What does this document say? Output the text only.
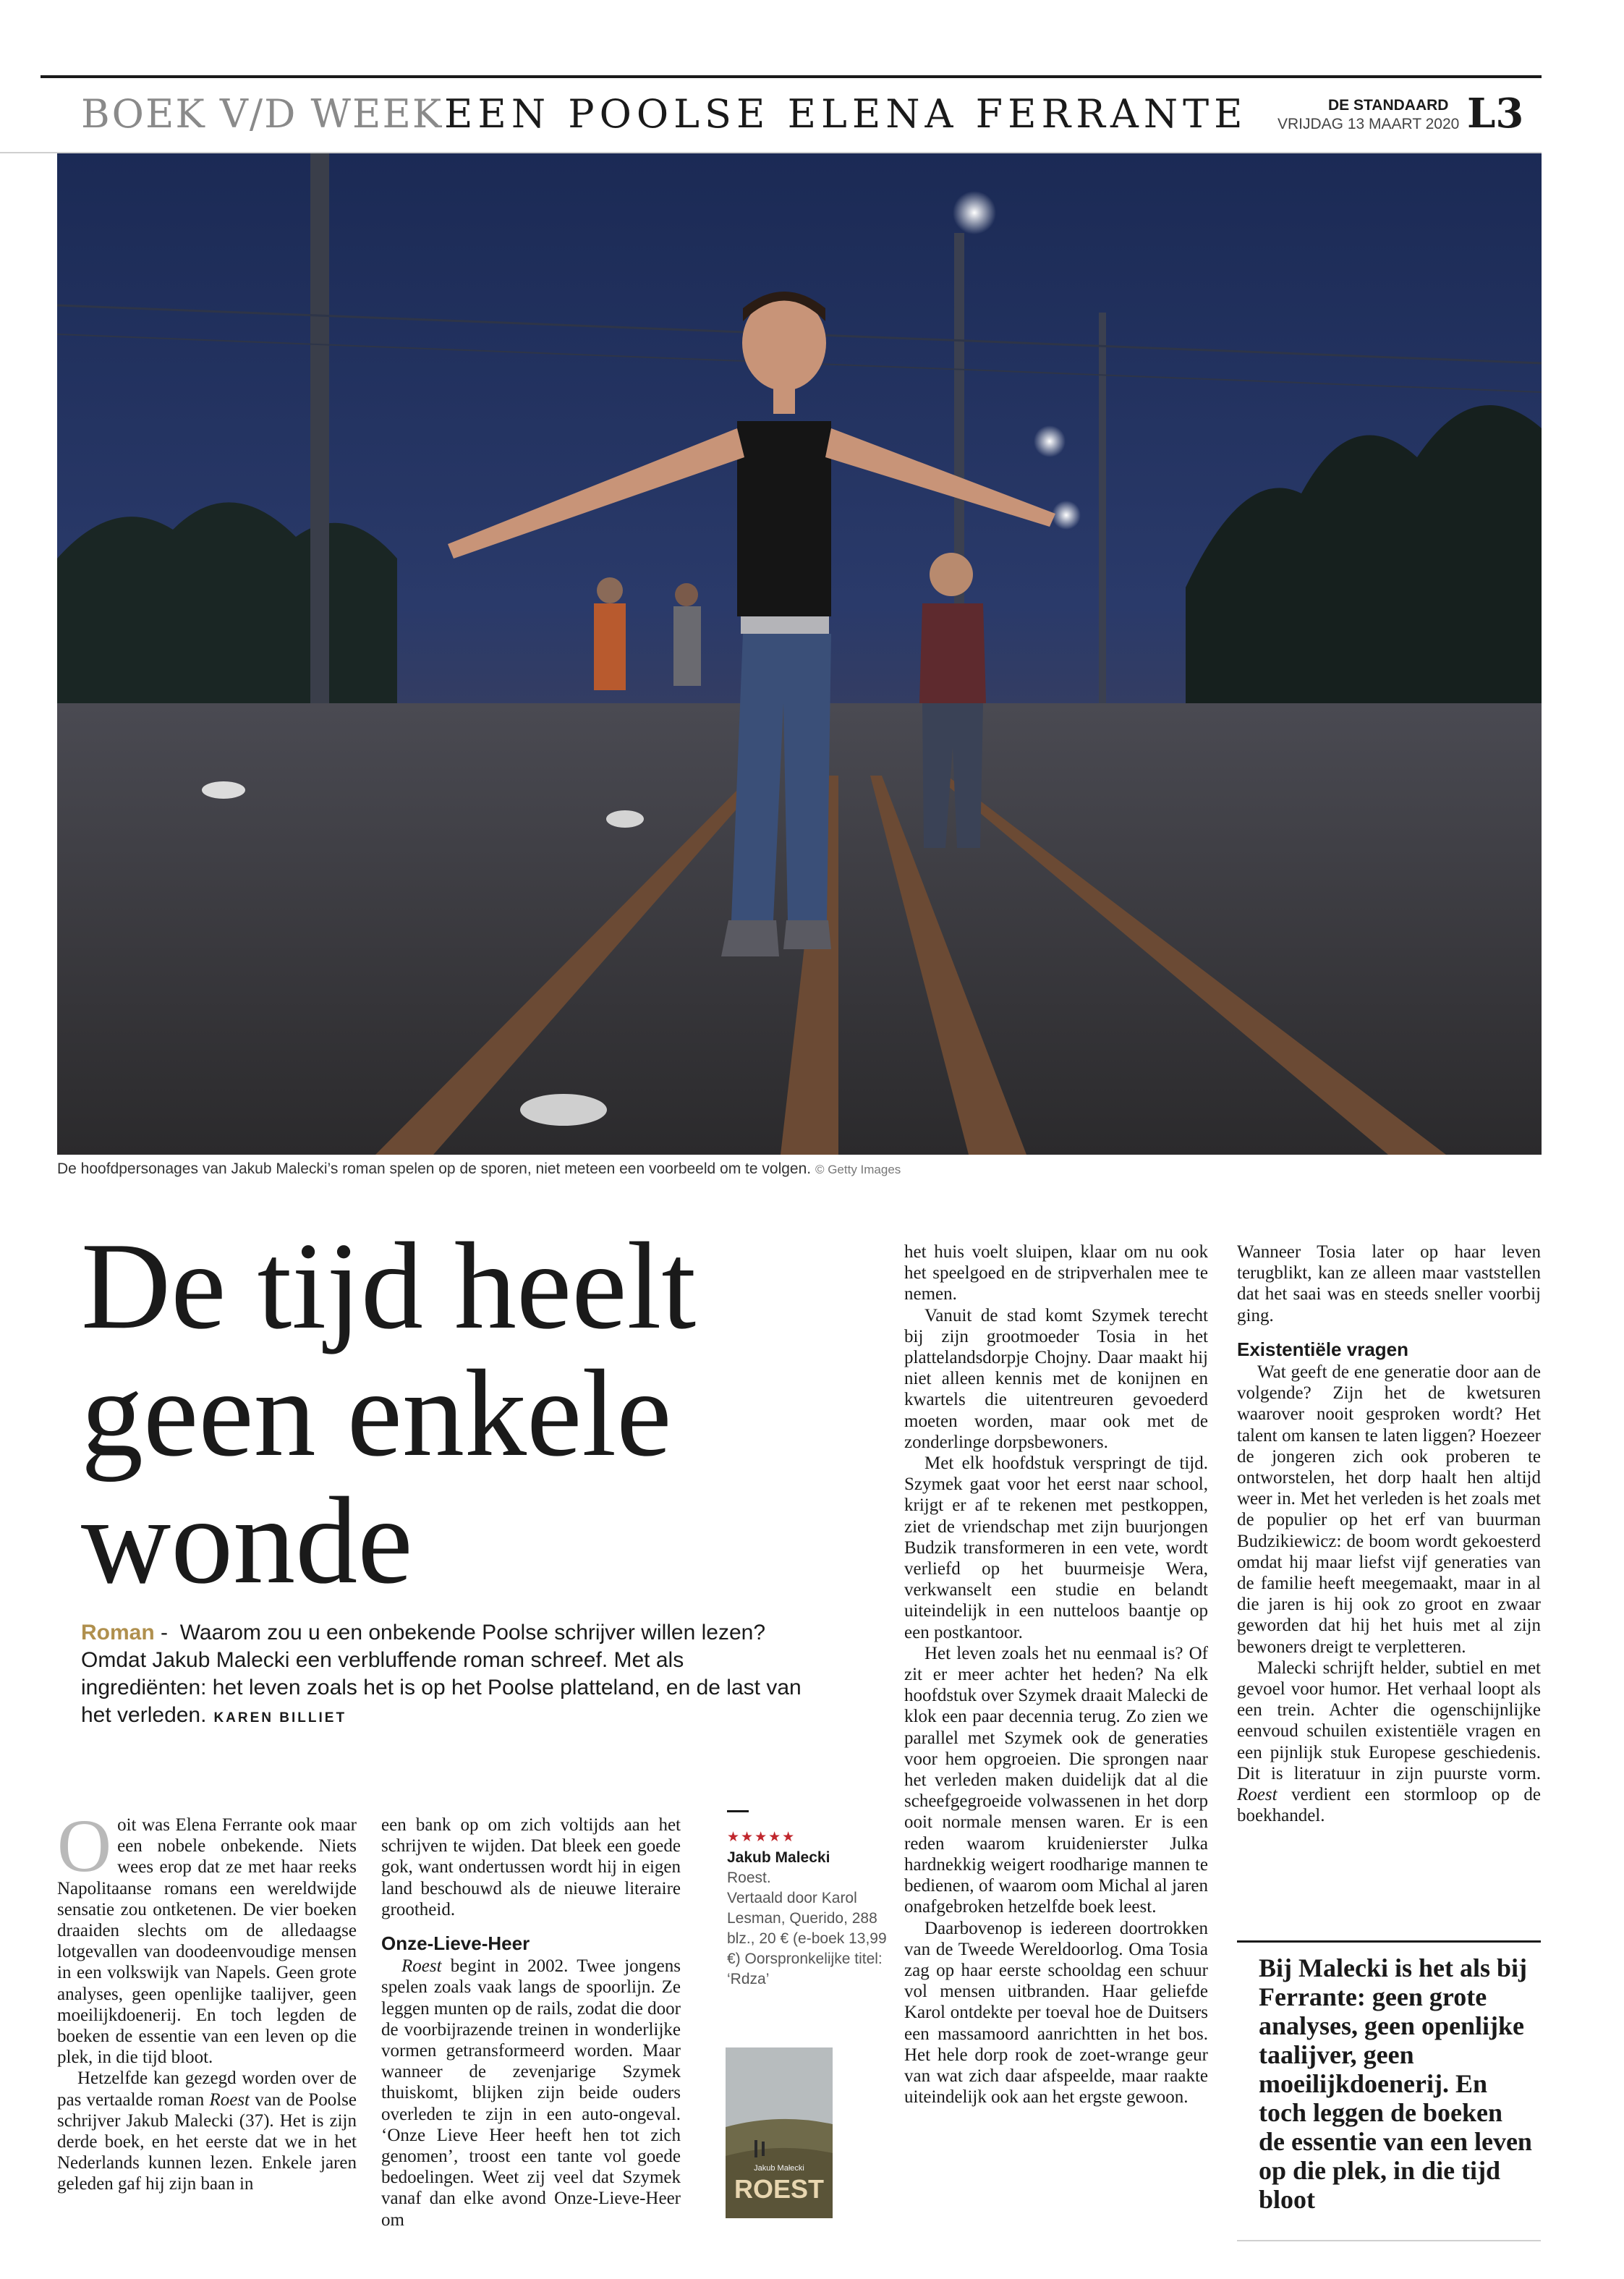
BOEK V/D WEEK EEN POOLSE ELENA FERRANTE	DE STANDAARD
VRIJDAG 13 MAART 2020 L3
De hoofdpersonages van Jakub Malecki’s roman spelen op de sporen, niet meteen een voorbeeld om te volgen. © Getty Images
De tijd heelt geen enkele wonde
Roman -  Waarom zou u een onbekende Poolse schrijver willen lezen? Omdat Jakub Malecki een verbluffende roman schreef. Met als ingrediënten: het leven zoals het is op het Poolse platteland, en de last van het verleden. KAREN BILLIET

Ooit was Elena Ferrante ook maar een nobele onbekende. Niets wees erop dat ze met haar reeks Napolitaanse romans een wereldwijde sensatie zou ontketenen. De vier boeken draaiden slechts om de alledaagse lotgevallen van doodeenvoudige mensen in een volkswijk van Napels. Geen grote analyses, geen openlijke taalijver, geen moeilijkdoenerij. En toch legden de boeken de essentie van een leven op die plek, in die tijd bloot.

Hetzelfde kan gezegd worden over de pas vertaalde roman Roest van de Poolse schrijver Jakub Malecki (37). Het is zijn derde boek, en het eerste dat we in het Nederlands kunnen lezen. Enkele jaren geleden gaf hij zijn baan in

een bank op om zich voltijds aan het schrijven te wijden. Dat bleek een goede gok, want ondertussen wordt hij in eigen land beschouwd als de nieuwe literaire grootheid.

Onze-Lieve-Heer

Roest begint in 2002. Twee jongens spelen zoals vaak langs de spoorlijn. Ze leggen munten op de rails, zodat die door de voorbijrazende treinen in wonderlijke vormen getransformeerd worden. Maar wanneer de zevenjarige Szymek thuiskomt, blijken zijn beide ouders overleden te zijn in een auto-ongeval. ‘Onze Lieve Heer heeft hen tot zich genomen’, troost een tante vol goede bedoelingen. Weet zij veel dat Szymek vanaf dan elke avond Onze-Lieve-Heer om

★★★★★
Jakub Malecki
Roest.
Vertaald door Karol Lesman, Querido, 288 blz., 20 € (e-boek 13,99 €) Oorspronkelijke titel: ‘Rdza’
Jakub Małecki
ROEST

het huis voelt sluipen, klaar om nu ook het speelgoed en de stripverhalen mee te nemen.

Vanuit de stad komt Szymek terecht bij zijn grootmoeder Tosia in het plattelandsdorpje Chojny. Daar maakt hij niet alleen kennis met de konijnen en kwartels die uitentreuren gevoederd moeten worden, maar ook met de zonderlinge dorpsbewoners.

Met elk hoofdstuk verspringt de tijd. Szymek gaat voor het eerst naar school, krijgt er af te rekenen met pestkoppen, ziet de vriendschap met zijn buurjongen Budzik transformeren in een vete, wordt verliefd op het buurmeisje Wera, verkwanselt een studie en belandt uiteindelijk in een nutteloos baantje op een postkantoor.

Het leven zoals het nu eenmaal is? Of zit er meer achter het heden? Na elk hoofdstuk over Szymek draait Malecki de klok een paar decennia terug. Zo zien we parallel met Szymek ook de generaties voor hem opgroeien. Die sprongen naar het verleden maken duidelijk dat al die scheefgegroeide volwassenen in het dorp ooit normale mensen waren. Er is een reden waarom kruidenierster Julka hardnekkig weigert roodharige mannen te bedienen, of waarom oom Michal al jaren onafgebroken hetzelfde boek leest.

Daarbovenop is iedereen doortrokken van de Tweede Wereldoorlog. Oma Tosia zag op haar eerste schooldag een schuur vol mensen uitbranden. Haar geliefde Karol ontdekte per toeval hoe de Duitsers een massamoord aanrichtten in het bos. Het hele dorp rook de zoet-wrange geur van wat zich daar afspeelde, maar raakte uiteindelijk ook aan het ergste gewoon.

Wanneer Tosia later op haar leven terugblikt, kan ze alleen maar vaststellen dat het saai was en steeds sneller voorbij ging.

Existentiële vragen

Wat geeft de ene generatie door aan de volgende? Zijn het de kwetsuren waarover nooit gesproken wordt? Het talent om kansen te laten liggen? Hoezeer de jongeren zich ook proberen te ontworstelen, het dorp haalt hen altijd weer in. Met het verleden is het zoals met de populier op het erf van buurman Budzikiewicz: de boom wordt gekoesterd omdat hij maar liefst vijf generaties van de familie heeft meegemaakt, maar in al die jaren is hij ook zo groot en zwaar geworden dat hij het huis met al zijn bewoners dreigt te verpletteren.

Malecki schrijft helder, subtiel en met gevoel voor humor. Het verhaal loopt als een trein. Achter die ogenschijnlijke eenvoud schuilen existentiële vragen en een pijnlijk stuk Europese geschiedenis. Dit is literatuur in zijn puurste vorm. Roest verdient een stormloop op de boekhandel.

Bij Malecki is het als bij Ferrante: geen grote analyses, geen openlijke taalijver, geen moeilijkdoenerij. En toch leggen de boeken de essentie van een leven op die plek, in die tijd bloot
